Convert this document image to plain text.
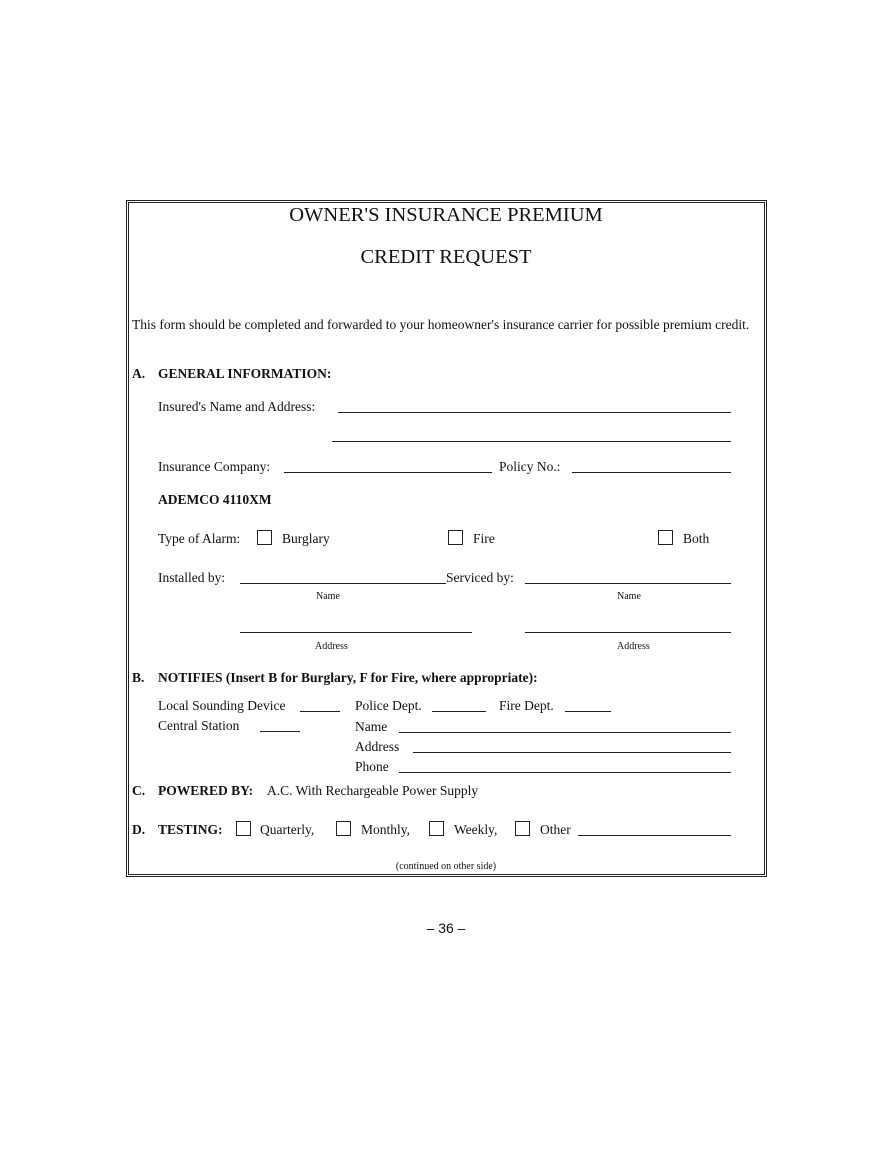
OWNER'S INSURANCE PREMIUM
CREDIT REQUEST
This form should be completed and forwarded to your homeowner's insurance carrier for possible premium credit.
A. GENERAL INFORMATION:
Insured's Name and Address:
Insurance Company:	Policy No.:
ADEMCO 4110XM
Type of Alarm:	Burglary	Fire	Both
Installed by:	Serviced by:
Name	Name
Address	Address
B. NOTIFIES (Insert B for Burglary, F for Fire, where appropriate):
Local Sounding Device	Police Dept.	Fire Dept.
Central Station	Name
Address
Phone
C. POWERED BY: A.C. With Rechargeable Power Supply
D. TESTING:	Quarterly,	Monthly,	Weekly,	Other
(continued on other side)
– 36 –
